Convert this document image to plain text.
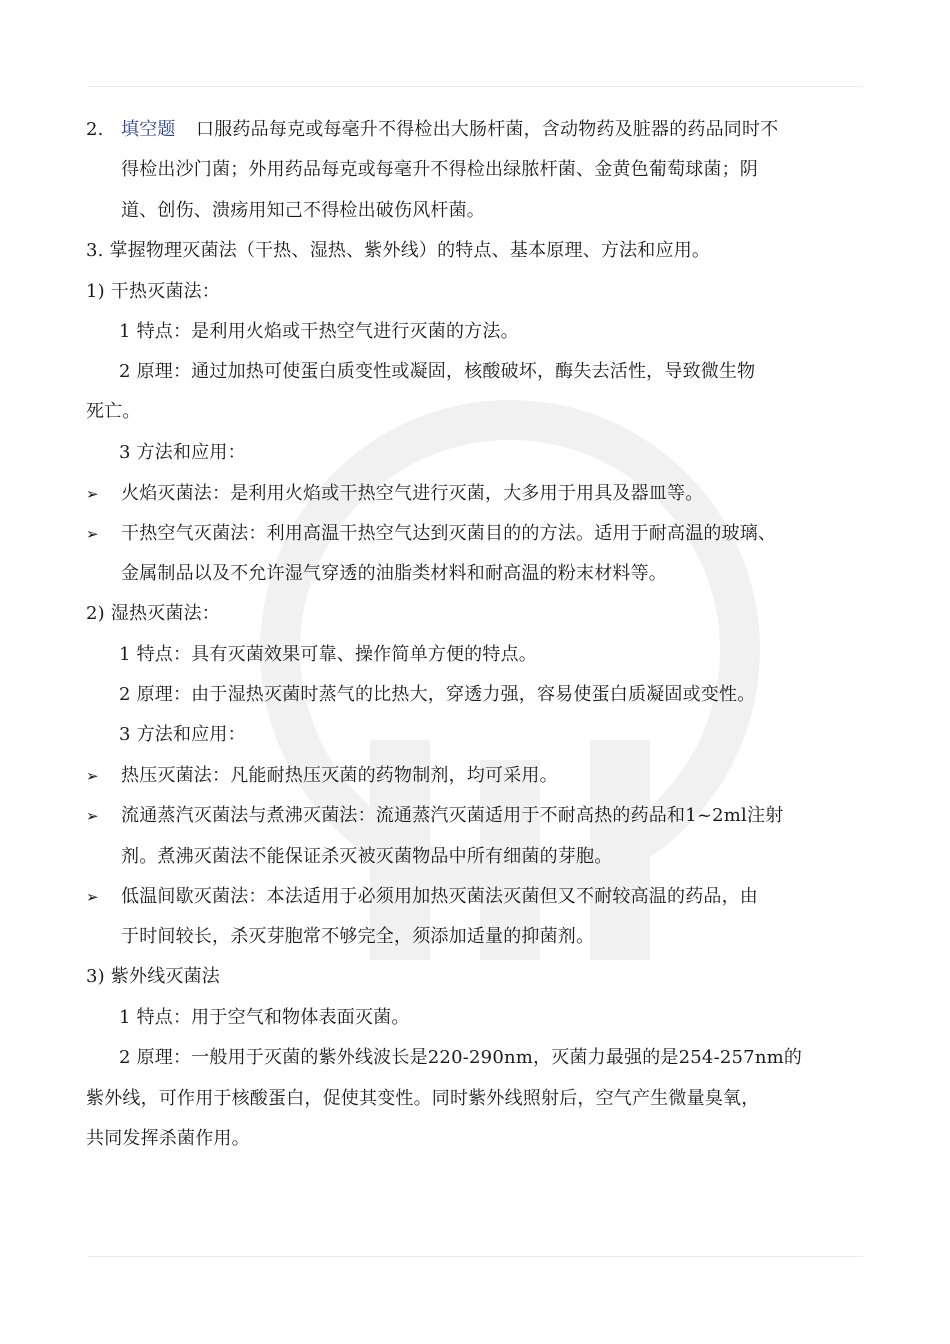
2. 填空题 口服药品每克或每毫升不得检出大肠杆菌，含动物药及脏器的药品同时不
得检出沙门菌；外用药品每克或每毫升不得检出绿脓杆菌、金黄色葡萄球菌；阴
道、创伤、溃疡用知己不得检出破伤风杆菌。
3. 掌握物理灭菌法（干热、湿热、紫外线）的特点、基本原理、方法和应用。
1) 干热灭菌法：
1 特点：是利用火焰或干热空气进行灭菌的方法。
2 原理：通过加热可使蛋白质变性或凝固，核酸破坏，酶失去活性，导致微生物
死亡。
3 方法和应用：
➢ 火焰灭菌法：是利用火焰或干热空气进行灭菌，大多用于用具及器皿等。
➢ 干热空气灭菌法：利用高温干热空气达到灭菌目的的方法。适用于耐高温的玻璃、
金属制品以及不允许湿气穿透的油脂类材料和耐高温的粉末材料等。
2) 湿热灭菌法：
1 特点：具有灭菌效果可靠、操作简单方便的特点。
2 原理：由于湿热灭菌时蒸气的比热大，穿透力强，容易使蛋白质凝固或变性。
3 方法和应用：
➢ 热压灭菌法：凡能耐热压灭菌的药物制剂，均可采用。
➢ 流通蒸汽灭菌法与煮沸灭菌法：流通蒸汽灭菌适用于不耐高热的药品和1~2ml注射
剂。煮沸灭菌法不能保证杀灭被灭菌物品中所有细菌的芽胞。
➢ 低温间歇灭菌法：本法适用于必须用加热灭菌法灭菌但又不耐较高温的药品，由
于时间较长，杀灭芽胞常不够完全，须添加适量的抑菌剂。
3) 紫外线灭菌法
1 特点：用于空气和物体表面灭菌。
2 原理：一般用于灭菌的紫外线波长是220-290nm，灭菌力最强的是254-257nm的
紫外线，可作用于核酸蛋白，促使其变性。同时紫外线照射后，空气产生微量臭氧，
共同发挥杀菌作用。
